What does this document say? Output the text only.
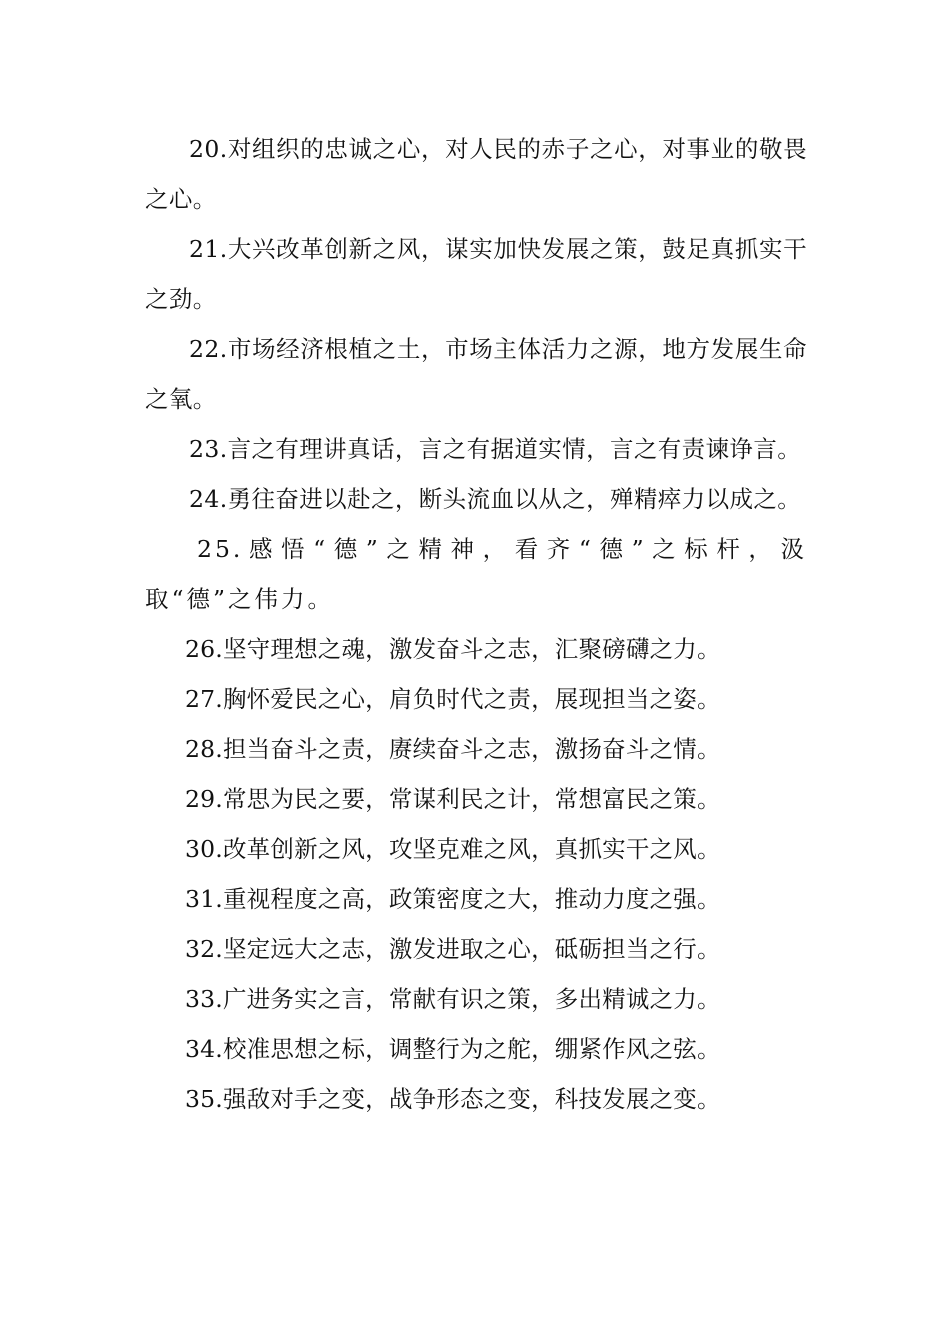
20.对组织的忠诚之心，对人民的赤子之心，对事业的敬畏之心。

21.大兴改革创新之风，谋实加快发展之策，鼓足真抓实干之劲。

22.市场经济根植之土，市场主体活力之源，地方发展生命之氧。

23.言之有理讲真话，言之有据道实情，言之有责谏诤言。

24.勇往奋进以赴之，断头流血以从之，殚精瘁力以成之。

25.感悟“德”之精神，看齐“德”之标杆，汲取“德”之伟力。

26.坚守理想之魂，激发奋斗之志，汇聚磅礴之力。

27.胸怀爱民之心，肩负时代之责，展现担当之姿。

28.担当奋斗之责，赓续奋斗之志，激扬奋斗之情。

29.常思为民之要，常谋利民之计，常想富民之策。

30.改革创新之风，攻坚克难之风，真抓实干之风。

31.重视程度之高，政策密度之大，推动力度之强。

32.坚定远大之志，激发进取之心，砥砺担当之行。

33.广进务实之言，常献有识之策，多出精诚之力。

34.校准思想之标，调整行为之舵，绷紧作风之弦。

35.强敌对手之变，战争形态之变，科技发展之变。
